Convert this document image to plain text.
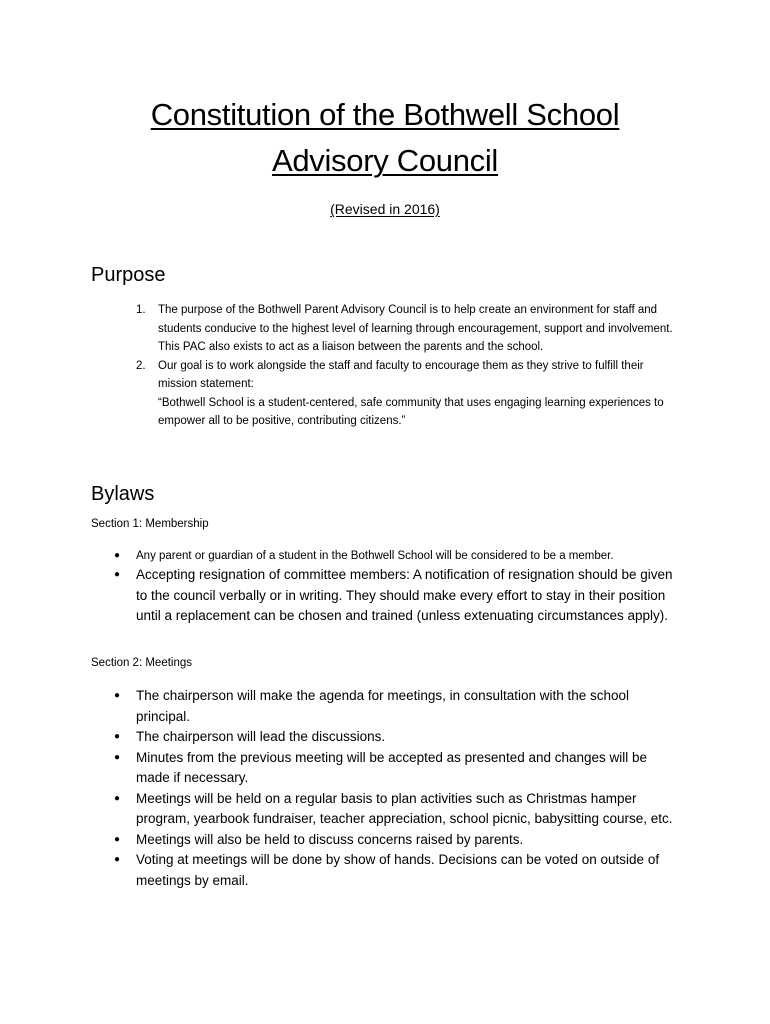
Constitution of the Bothwell School
Advisory Council
(Revised in 2016)
Purpose
1. The purpose of the Bothwell Parent Advisory Council is to help create an environment for staff and students conducive to the highest level of learning through encouragement, support and involvement. This PAC also exists to act as a liaison between the parents and the school.
2. Our goal is to work alongside the staff and faculty to encourage them as they strive to fulfill their mission statement:
“Bothwell School is a student-centered, safe community that uses engaging learning experiences to empower all to be positive, contributing citizens.”
Bylaws
Section 1: Membership
● Any parent or guardian of a student in the Bothwell School will be considered to be a member.
● Accepting resignation of committee members: A notification of resignation should be given to the council verbally or in writing. They should make every effort to stay in their position until a replacement can be chosen and trained (unless extenuating circumstances apply).
Section 2: Meetings
● The chairperson will make the agenda for meetings, in consultation with the school principal.
● The chairperson will lead the discussions.
● Minutes from the previous meeting will be accepted as presented and changes will be made if necessary.
● Meetings will be held on a regular basis to plan activities such as Christmas hamper program, yearbook fundraiser, teacher appreciation, school picnic, babysitting course, etc.
● Meetings will also be held to discuss concerns raised by parents.
● Voting at meetings will be done by show of hands. Decisions can be voted on outside of meetings by email.
